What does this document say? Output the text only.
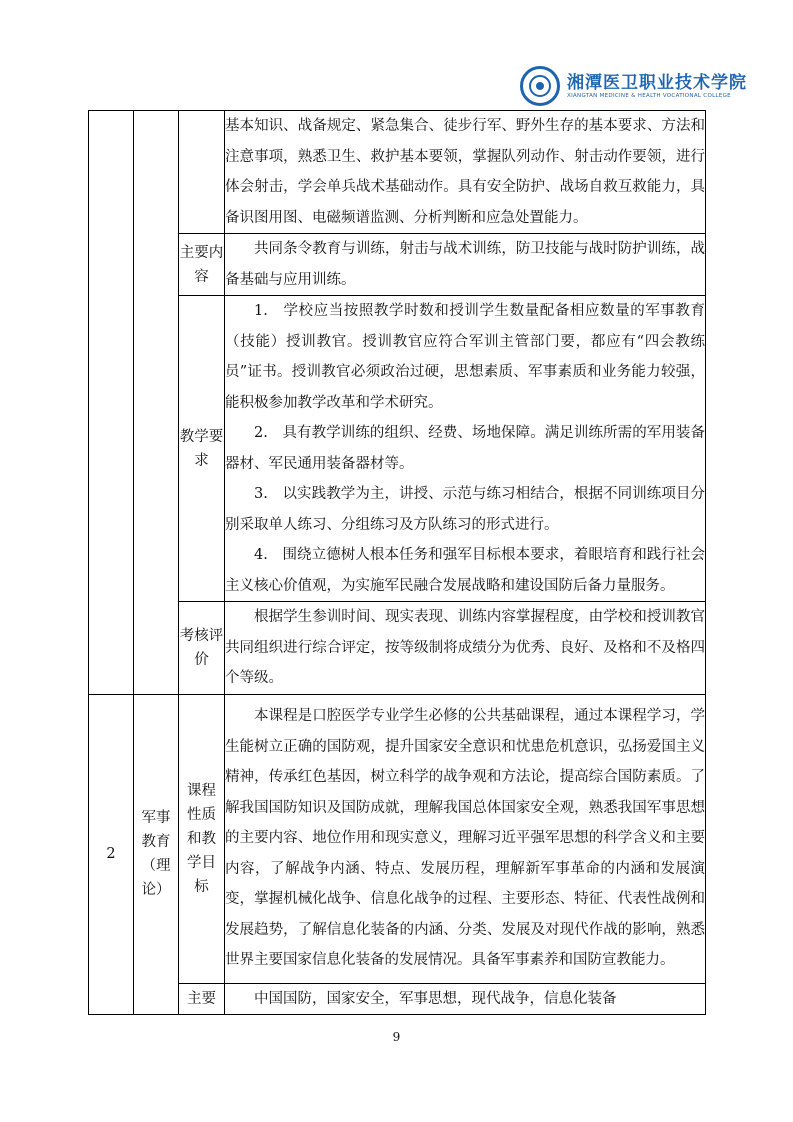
湘潭医卫职业技术学院
XIANGTAN MEDICINE & HEALTH VOCATIONAL COLLEGE

			基本知识、战备规定、紧急集合、徒步行军、野外生存的基本要求、方法和注意事项，熟悉卫生、救护基本要领，掌握队列动作、射击动作要领，进行体会射击，学会单兵战术基础动作。具有安全防护、战场自救互救能力，具备识图用图、电磁频谱监测、分析判断和应急处置能力。

		主要内容	共同条令教育与训练，射击与战术训练，防卫技能与战时防护训练，战备基础与应用训练。

		教学要求	1.　学校应当按照教学时数和授训学生数量配备相应数量的军事教育（技能）授训教官。授训教官应符合军训主管部门要，都应有“四会教练员”证书。授训教官必须政治过硬，思想素质、军事素质和业务能力较强，能积极参加教学改革和学术研究。

2.　具有教学训练的组织、经费、场地保障。满足训练所需的军用装备器材、军民通用装备器材等。

3.　以实践教学为主，讲授、示范与练习相结合，根据不同训练项目分别采取单人练习、分组练习及方队练习的形式进行。

4.　围绕立德树人根本任务和强军目标根本要求，着眼培育和践行社会主义核心价值观，为实施军民融合发展战略和建设国防后备力量服务。

		考核评价	根据学生参训时间、现实表现、训练内容掌握程度，由学校和授训教官共同组织进行综合评定，按等级制将成绩分为优秀、良好、及格和不及格四个等级。

2	军事教育（理论）	课程性质和教学目标	本课程是口腔医学专业学生必修的公共基础课程，通过本课程学习，学生能树立正确的国防观，提升国家安全意识和忧患危机意识，弘扬爱国主义精神，传承红色基因，树立科学的战争观和方法论，提高综合国防素质。了解我国国防知识及国防成就，理解我国总体国家安全观，熟悉我国军事思想的主要内容、地位作用和现实意义，理解习近平强军思想的科学含义和主要内容，了解战争内涵、特点、发展历程，理解新军事革命的内涵和发展演变，掌握机械化战争、信息化战争的过程、主要形态、特征、代表性战例和发展趋势，了解信息化装备的内涵、分类、发展及对现代作战的影响，熟悉世界主要国家信息化装备的发展情况。具备军事素养和国防宣教能力。

		主要	中国国防，国家安全，军事思想，现代战争，信息化装备

9
